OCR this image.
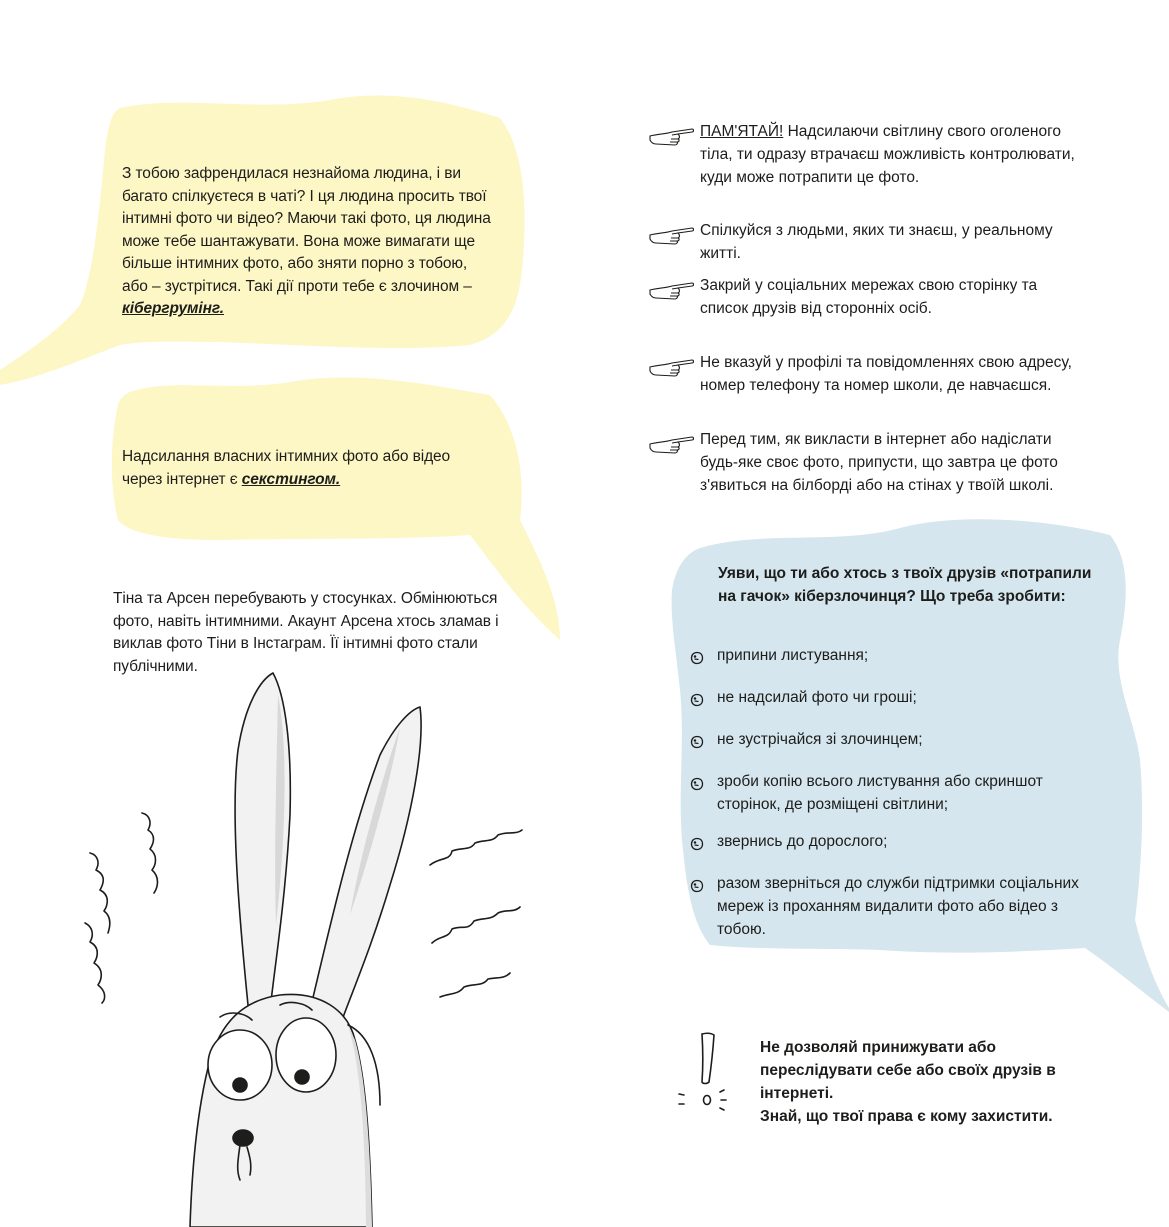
З тобою зафрендилася незнайома людина, і ви багато спілкуєтеся в чаті? І ця людина просить твої інтимні фото чи відео? Маючи такі фото, ця людина може тебе шантажувати. Вона може вимагати ще більше інтимних фото, або зняти порно з тобою, або – зустрітися. Такі дії проти тебе є злочином – кібергрумінг.

Надсилання власних інтимних фото або відео через інтернет є секстингом.

Тіна та Арсен перебувають у стосунках. Обмінюються фото, навіть інтимними. Акаунт Арсена хтось зламав і виклав фото Тіни в Інстаграм. Її інтимні фото стали публічними.

ПАМ'ЯТАЙ! Надсилаючи світлину свого оголеного тіла, ти одразу втрачаєш можливість контролювати, куди може потрапити це фото.
Спілкуйся з людьми, яких ти знаєш, у реальному житті.
Закрий у соціальних мережах свою сторінку та список друзів від сторонніх осіб.
Не вказуй у профілі та повідомленнях свою адресу, номер телефону та номер школи, де навчаєшся.
Перед тим, як викласти в інтернет або надіслати будь-яке своє фото, припусти, що завтра це фото з'явиться на білборді або на стінах у твоїй школі.
Уяви, що ти або хтось з твоїх друзів «потрапили на гачок» кіберзлочинця? Що треба зробити:
припини листування;
не надсилай фото чи гроші;
не зустрічайся зі злочинцем;
зроби копію всього листування або скриншот сторінок, де розміщені світлини;
звернись до дорослого;
разом зверніться до служби підтримки соціальних мереж із проханням видалити фото або відео з тобою.
Не дозволяй принижувати або переслідувати себе або своїх друзів в інтернеті.
Знай, що твої права є кому захистити.
